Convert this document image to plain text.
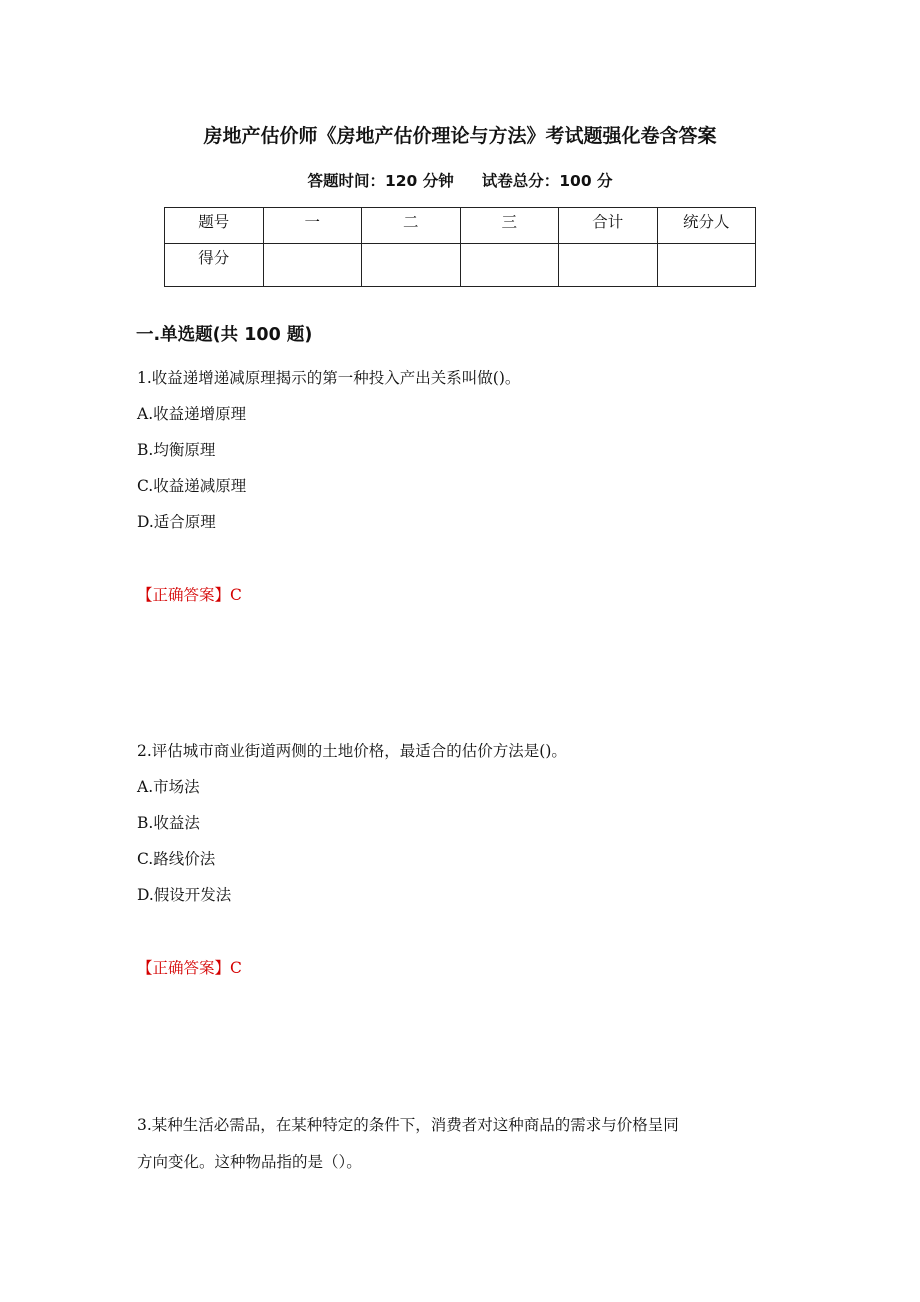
房地产估价师《房地产估价理论与方法》考试题强化卷含答案
答题时间：120 分钟 试卷总分：100 分
题号	一	二	三	合计	统分人
得分					
一.单选题(共 100 题)
1.收益递增递减原理揭示的第一种投入产出关系叫做()。
A.收益递增原理
B.均衡原理
C.收益递减原理
D.适合原理
【正确答案】C
2.评估城市商业街道两侧的土地价格，最适合的估价方法是()。
A.市场法
B.收益法
C.路线价法
D.假设开发法
【正确答案】C
3.某种生活必需品，在某种特定的条件下，消费者对这种商品的需求与价格呈同
方向变化。这种物品指的是（）。
